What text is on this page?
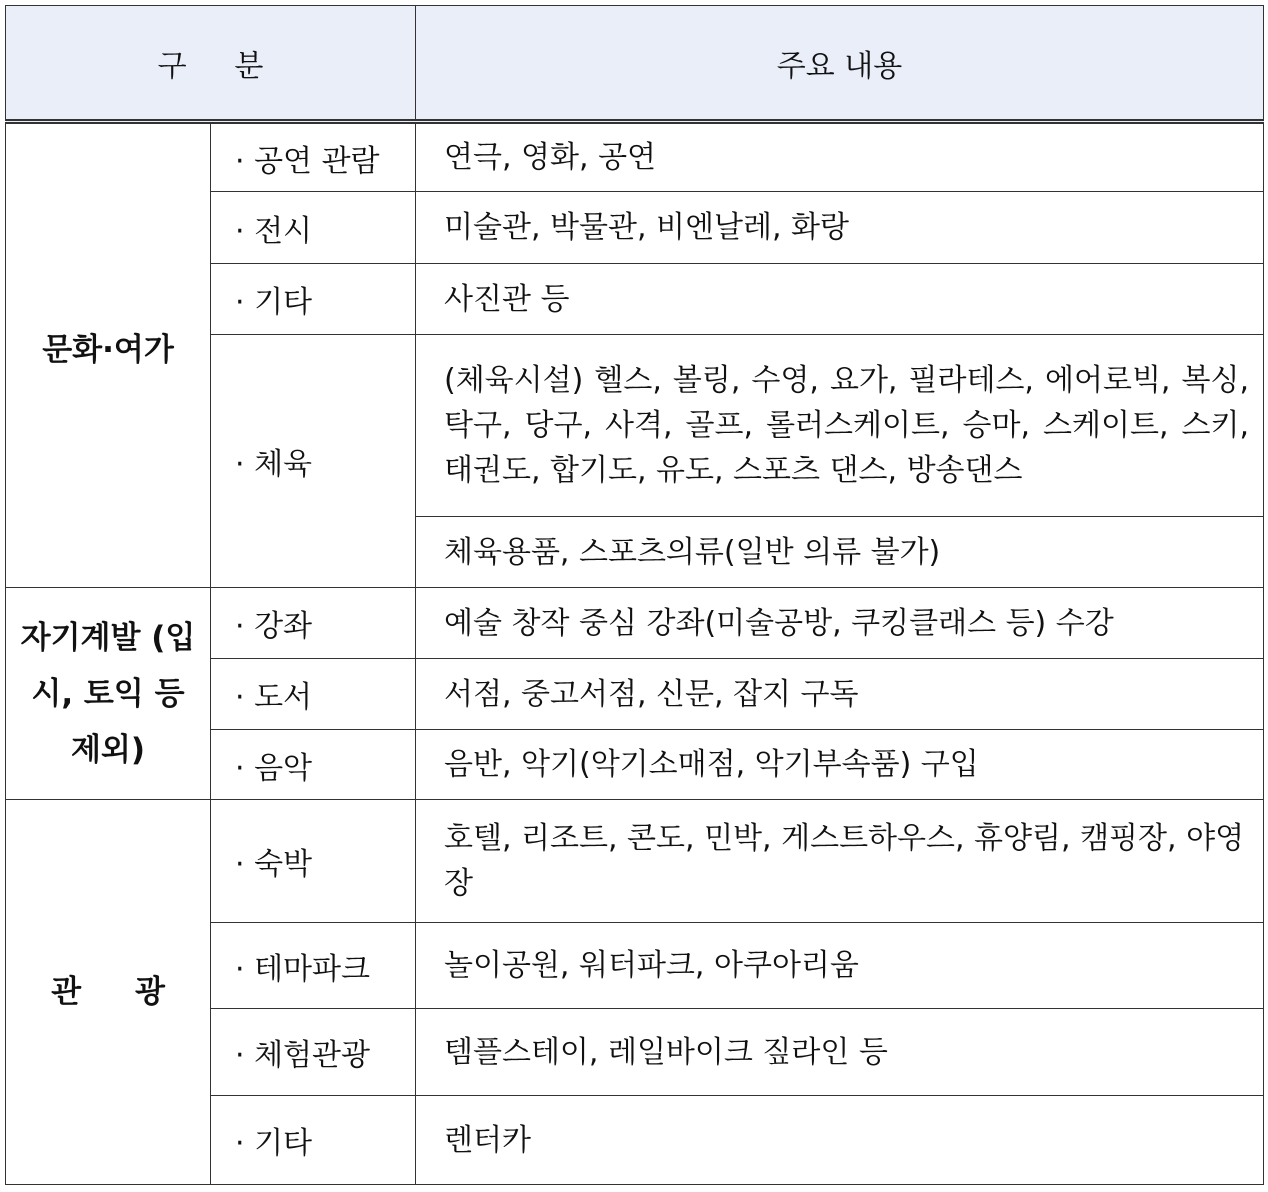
구     분		주요 내용
문화·여가	· 공연 관람	연극, 영화, 공연
	· 전시	미술관, 박물관, 비엔날레, 화랑
	· 기타	사진관 등
	· 체육	(체육시설) 헬스, 볼링, 수영, 요가, 필라테스, 에어로빅, 복싱, 탁구, 당구, 사격, 골프, 롤러스케이트, 승마, 스케이트, 스키, 태권도, 합기도, 유도, 스포츠 댄스, 방송댄스
		체육용품, 스포츠의류(일반 의류 불가)
자기계발 (입시, 토익 등 제외)	· 강좌	예술 창작 중심 강좌(미술공방, 쿠킹클래스 등) 수강
	· 도서	서점, 중고서점, 신문, 잡지 구독
	· 음악	음반, 악기(악기소매점, 악기부속품) 구입
관     광	· 숙박	호텔, 리조트, 콘도, 민박, 게스트하우스, 휴양림, 캠핑장, 야영장
	· 테마파크	놀이공원, 워터파크, 아쿠아리움
	· 체험관광	템플스테이, 레일바이크 짚라인 등
	· 기타	렌터카
